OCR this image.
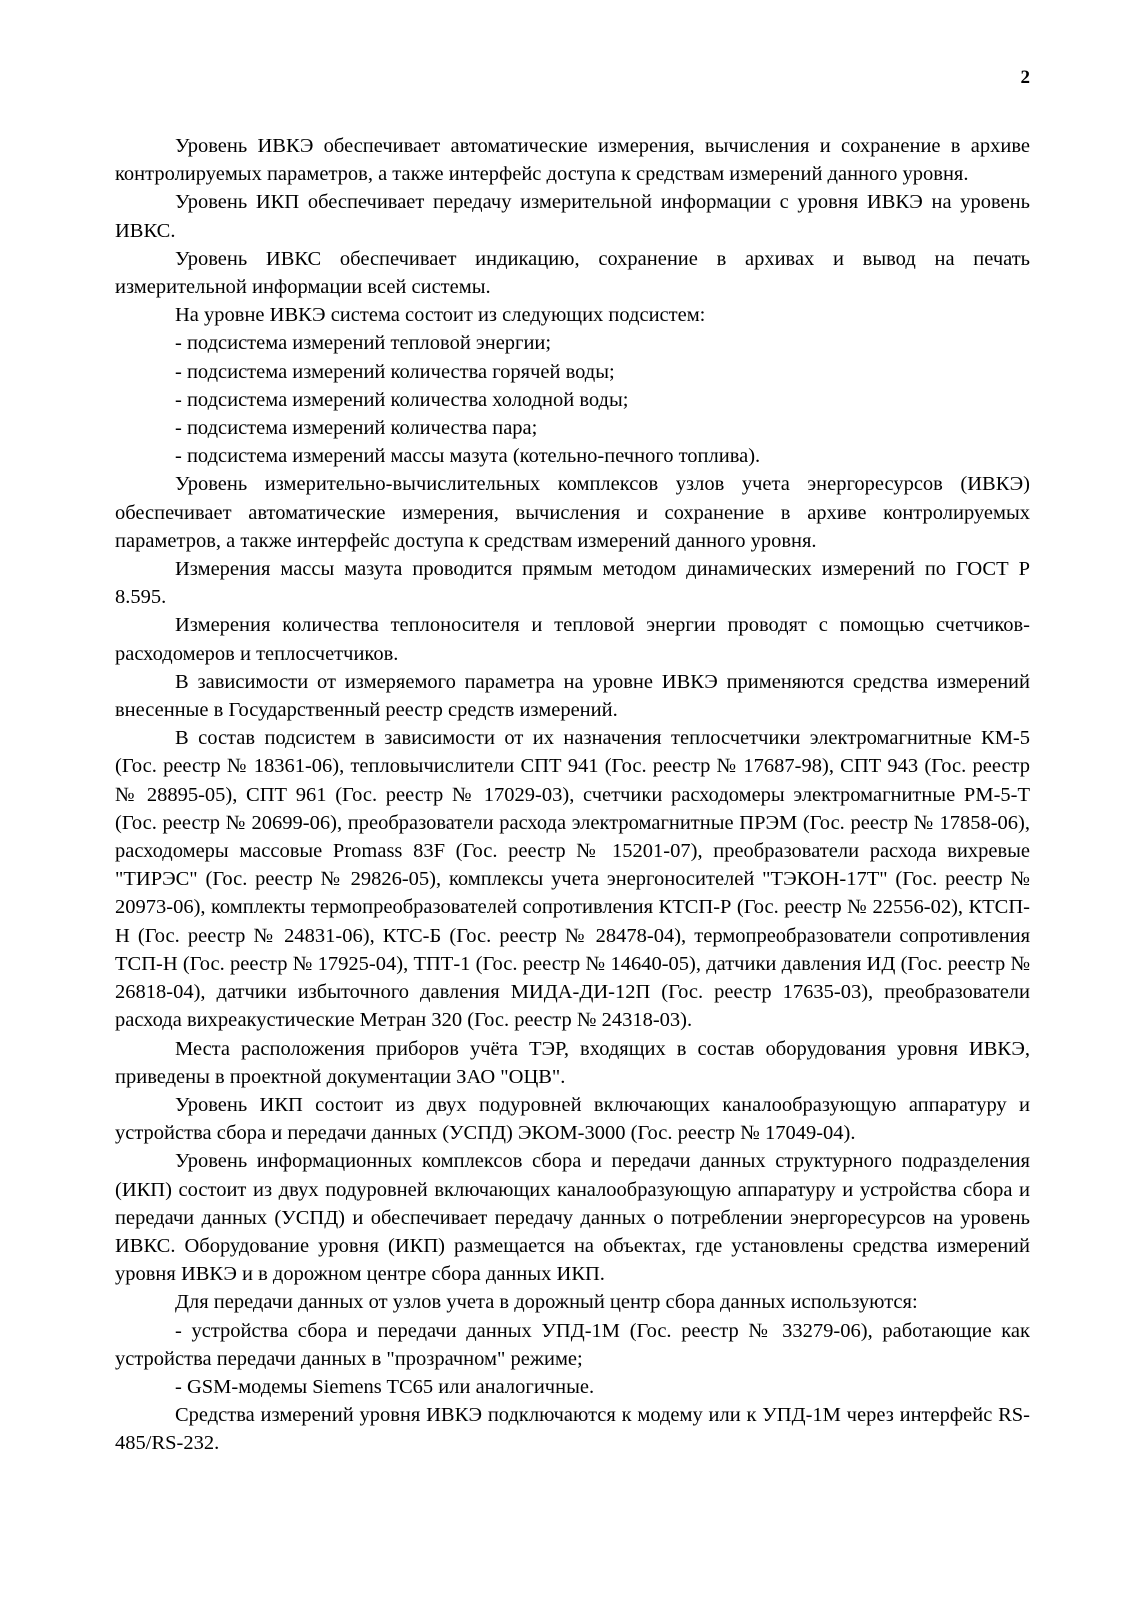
2

Уровень ИВКЭ обеспечивает автоматические измерения, вычисления и сохранение в архиве контролируемых параметров, а также интерфейс доступа к средствам измерений данного уровня.

Уровень ИКП обеспечивает передачу измерительной информации с уровня ИВКЭ на уровень ИВКС.

Уровень ИВКС обеспечивает индикацию, сохранение в архивах и вывод на печать измерительной информации всей системы.

На уровне ИВКЭ система состоит из следующих подсистем:

- подсистема измерений тепловой энергии;

- подсистема измерений количества горячей воды;

- подсистема измерений количества холодной воды;

- подсистема измерений количества пара;

- подсистема измерений массы мазута (котельно-печного топлива).

Уровень измерительно-вычислительных комплексов узлов учета энергоресурсов (ИВКЭ) обеспечивает автоматические измерения, вычисления и сохранение в архиве контролируемых параметров, а также интерфейс доступа к средствам измерений данного уровня.

Измерения массы мазута проводится прямым методом динамических измерений по ГОСТ Р 8.595.

Измерения количества теплоносителя и тепловой энергии проводят с помощью счетчиков-расходомеров и теплосчетчиков.

В зависимости от измеряемого параметра на уровне ИВКЭ применяются средства измерений внесенные в Государственный реестр средств измерений.

В состав подсистем в зависимости от их назначения теплосчетчики электромагнитные КМ-5 (Гос. реестр № 18361-06), тепловычислители СПТ 941 (Гос. реестр № 17687-98), СПТ 943 (Гос. реестр № 28895-05), СПТ 961 (Гос. реестр № 17029-03), счетчики расходомеры электромагнитные РМ-5-Т (Гос. реестр № 20699-06), преобразователи расхода электромагнитные ПРЭМ (Гос. реестр № 17858-06), расходомеры массовые Promass 83F (Гос. реестр № 15201-07), преобразователи расхода вихревые "ТИРЭС" (Гос. реестр № 29826-05), комплексы учета энергоносителей "ТЭКОН-17Т" (Гос. реестр № 20973-06), комплекты термопреобразователей сопротивления КТСП-Р (Гос. реестр № 22556-02), КТСП-Н (Гос. реестр № 24831-06), КТС-Б (Гос. реестр № 28478-04), термопреобразователи сопротивления ТСП-Н (Гос. реестр № 17925-04), ТПТ-1 (Гос. реестр № 14640-05), датчики давления ИД (Гос. реестр № 26818-04), датчики избыточного давления МИДА-ДИ-12П (Гос. реестр 17635-03), преобразователи расхода вихреакустические Метран 320 (Гос. реестр № 24318-03).

Места расположения приборов учёта ТЭР, входящих в состав оборудования уровня ИВКЭ, приведены в проектной документации ЗАО "ОЦВ".

Уровень ИКП состоит из двух подуровней включающих каналообразующую аппаратуру и устройства сбора и передачи данных (УСПД) ЭКОМ-3000 (Гос. реестр № 17049-04).

Уровень информационных комплексов сбора и передачи данных структурного подразделения (ИКП) состоит из двух подуровней включающих каналообразующую аппаратуру и устройства сбора и передачи данных (УСПД) и обеспечивает передачу данных о потреблении энергоресурсов на уровень ИВКС. Оборудование уровня (ИКП) размещается на объектах, где установлены средства измерений уровня ИВКЭ и в дорожном центре сбора данных ИКП.

Для передачи данных от узлов учета в дорожный центр сбора данных используются:

- устройства сбора и передачи данных УПД-1М (Гос. реестр № 33279-06), работающие как устройства передачи данных в "прозрачном" режиме;

- GSM-модемы Siemens TC65 или аналогичные.

Средства измерений уровня ИВКЭ подключаются к модему или к УПД-1М через интерфейс RS-485/RS-232.
